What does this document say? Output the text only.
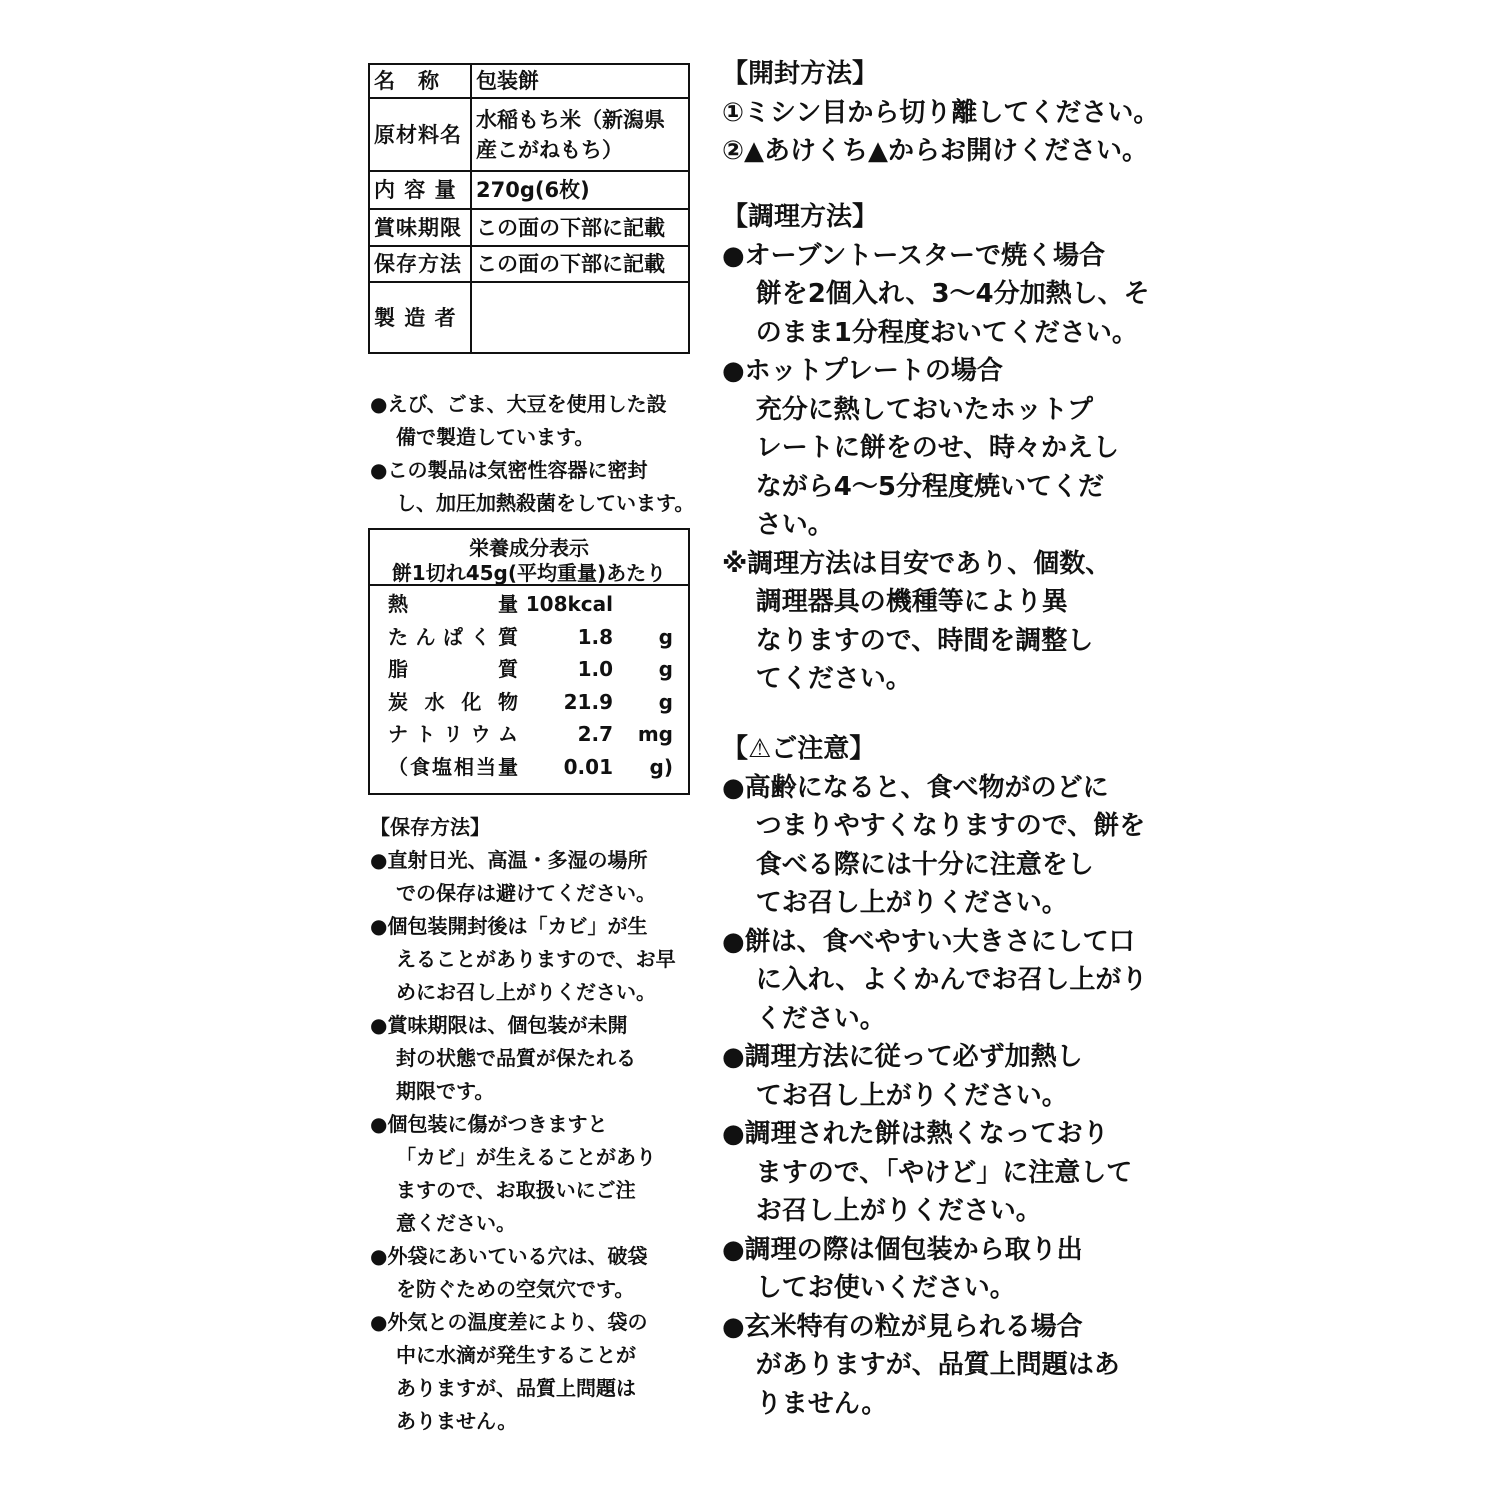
名　称	包装餅
原材料名	水稲もち米（新潟県産こがねもち）
内 容 量	270g(6枚)
賞味期限	この面の下部に記載
保存方法	この面の下部に記載
製 造 者	
●えび、ごま、大豆を使用した設
備で製造しています。
●この製品は気密性容器に密封
し、加圧加熱殺菌をしています。
栄養成分表示
餅1切れ45g(平均重量)あたり
熱量 108kcal
たんぱく質	1.8	g
脂質	1.0	g
炭水化物	21.9	g
ナトリウム	2.7	mg
（食塩相当量	0.01	g)
【保存方法】
●直射日光、高温・多湿の場所
での保存は避けてください。
●個包装開封後は「カビ」が生
えることがありますので、お早
めにお召し上がりください。
●賞味期限は、個包装が未開
封の状態で品質が保たれる
期限です。
●個包装に傷がつきますと
「カビ」が生えることがあり
ますので、お取扱いにご注
意ください。
●外袋にあいている穴は、破袋
を防ぐための空気穴です。
●外気との温度差により、袋の
中に水滴が発生することが
ありますが、品質上問題は
ありません。
【開封方法】
①ミシン目から切り離してください。
②▲あけくち▲からお開けください。
【調理方法】
●オーブントースターで焼く場合
餅を2個入れ、3～4分加熱し、そ
のまま1分程度おいてください。
●ホットプレートの場合
充分に熱しておいたホットプ
レートに餅をのせ、時々かえし
ながら4～5分程度焼いてくだ
さい。
※調理方法は目安であり、個数、
調理器具の機種等により異
なりますので、時間を調整し
てください。
【⚠ご注意】
●高齢になると、食べ物がのどに
つまりやすくなりますので、餅を
食べる際には十分に注意をし
てお召し上がりください。
●餅は、食べやすい大きさにして口
に入れ、よくかんでお召し上がり
ください。
●調理方法に従って必ず加熱し
てお召し上がりください。
●調理された餅は熱くなっており
ますので、「やけど」に注意して
お召し上がりください。
●調理の際は個包装から取り出
してお使いください。
●玄米特有の粒が見られる場合
がありますが、品質上問題はあ
りません。
